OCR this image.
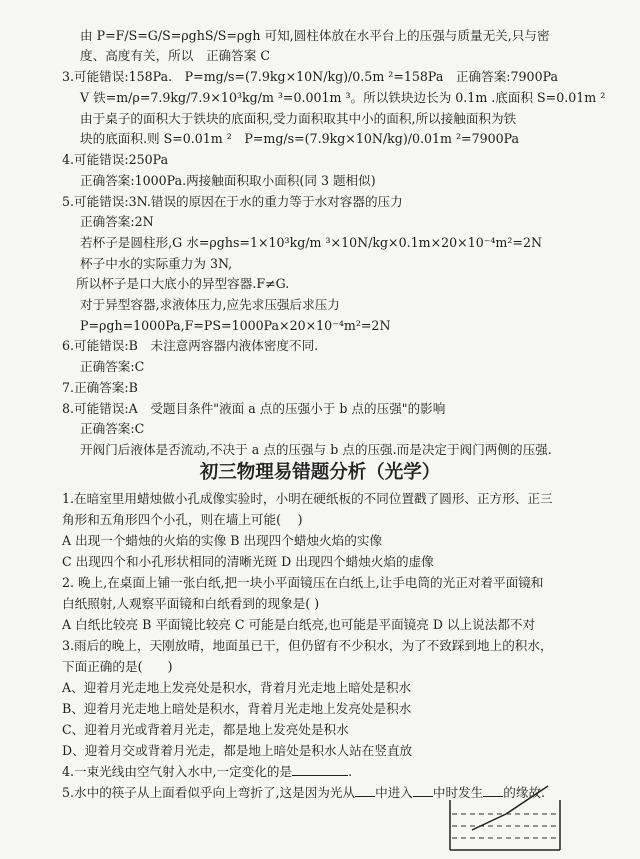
由 P=F/S=G/S=ρghS/S=ρgh 可知,圆柱体放在水平台上的压强与质量无关,只与密
度、高度有关，所以　正确答案 C
3.可能错误:158Pa.　P=mg/s=(7.9kg×10N/kg)/0.5m ²=158Pa　正确答案:7900Pa
V 铁=m/ρ=7.9kg/7.9×10³kg/m ³=0.001m ³。所以铁块边长为 0.1m .底面积 S=0.01m ²
由于桌子的面积大于铁块的底面积,受力面积取其中小的面积,所以接触面积为铁
块的底面积.则 S=0.01m ²　P=mg/s=(7.9kg×10N/kg)/0.01m ²=7900Pa
4.可能错误:250Pa
正确答案:1000Pa.两接触面积取小面积(同 3 题相似)
5.可能错误:3N.错误的原因在于水的重力等于水对容器的压力
正确答案:2N
若杯子是圆柱形,G 水=ρghs=1×10³kg/m ³×10N/kg×0.1m×20×10⁻⁴m²=2N
杯子中水的实际重力为 3N,
所以杯子是口大底小的异型容器.F≠G.
对于异型容器,求液体压力,应先求压强后求压力
P=ρgh=1000Pa,F=PS=1000Pa×20×10⁻⁴m²=2N
6.可能错误:B　未注意两容器内液体密度不同.
正确答案:C
7.正确答案:B
8.可能错误:A　受题目条件"液面 a 点的压强小于 b 点的压强"的影响
正确答案:C
开阀门后液体是否流动,不决于 a 点的压强与 b 点的压强.而是决定于阀门两侧的压强.
初三物理易错题分析（光学）
1.在暗室里用蜡烛做小孔成像实验时，小明在硬纸板的不同位置戳了圆形、正方形、正三
角形和五角形四个小孔，则在墙上可能(　 )
A 出现一个蜡烛的火焰的实像 B 出现四个蜡烛火焰的实像
C 出现四个和小孔形状相同的清晰光斑 D 出现四个蜡烛火焰的虚像
2. 晚上,在桌面上铺一张白纸,把一块小平面镜压在白纸上,让手电筒的光正对着平面镜和
白纸照射,人观察平面镜和白纸看到的现象是( )
A 白纸比较亮 B 平面镜比较亮 C 可能是白纸亮,也可能是平面镜亮 D 以上说法都不对
3.雨后的晚上，天刚放晴，地面虽已干，但仍留有不少积水，为了不致踩到地上的积水，
下面正确的是(　　)
A、迎着月光走地上发亮处是积水，背着月光走地上暗处是积水
B、迎着月光走地上暗处是积水，背着月光走地上发亮处是积水
C、迎着月光或背着月光走，都是地上发亮处是积水
D、迎着月交或背着月光走，都是地上暗处是积水人站在竖直放
4.一束光线由空气射入水中,一定变化的是	.
5.水中的筷子从上面看似乎向上弯折了,这是因为光从 中进入 中时发生 的缘故.
